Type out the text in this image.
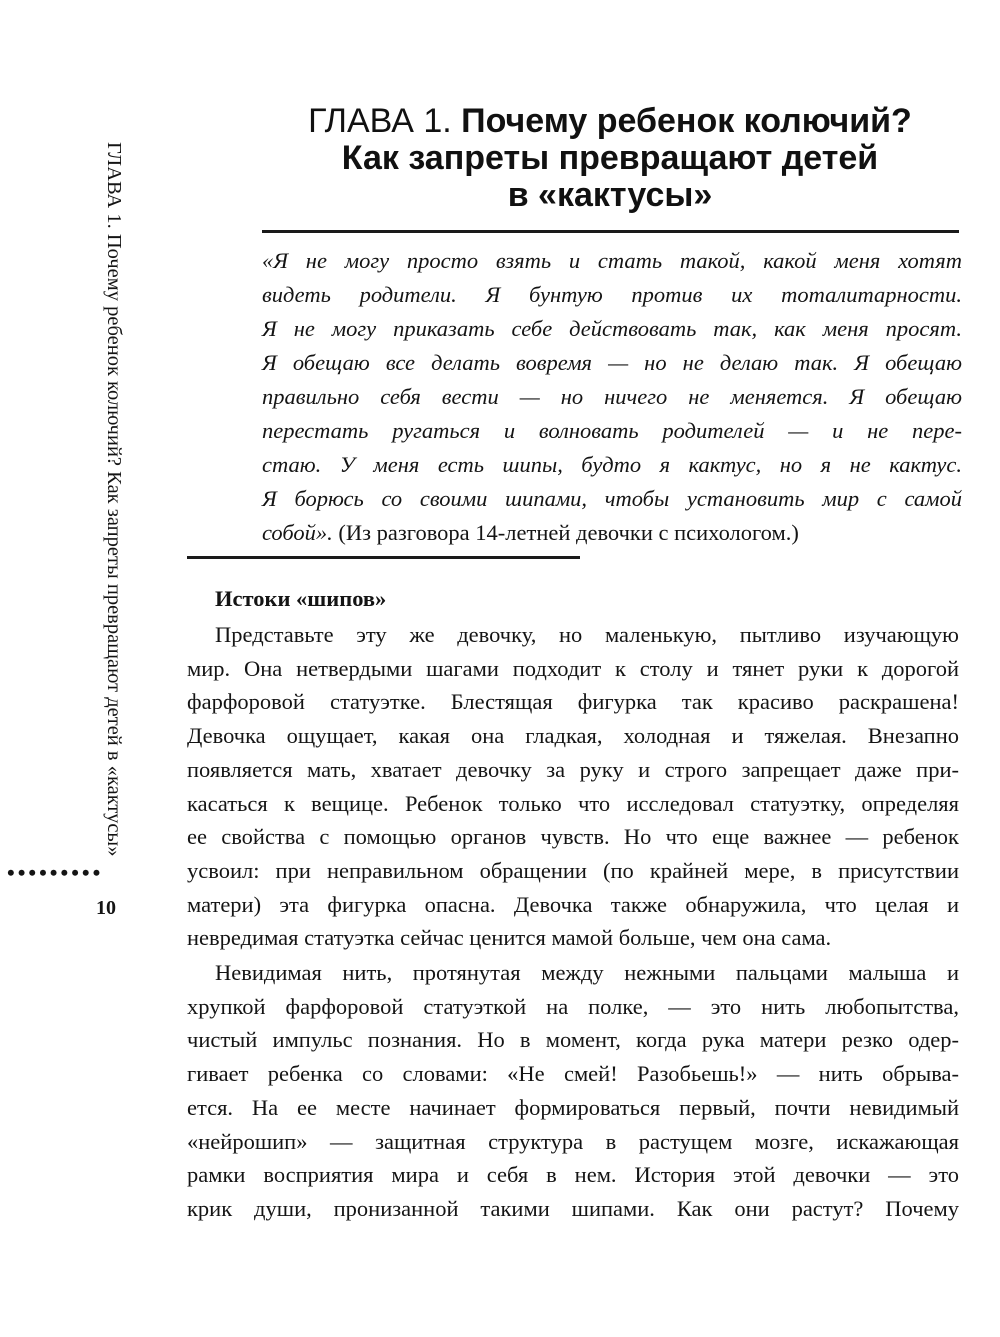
ГЛАВА 1. Почему ребенок колючий?
Как запреты превращают детей
в «кактусы»
«Я не могу просто взять и стать такой, какой меня хотят
видеть родители. Я бунтую против их тоталитарности.
Я не могу приказать себе действовать так, как меня просят.
Я обещаю все делать вовремя — но не делаю так. Я обещаю
правильно себя вести — но ничего не меняется. Я обещаю
перестать ругаться и волновать родителей — и не пере-
стаю. У меня есть шипы, будто я кактус, но я не кактус.
Я борюсь со своими шипами, чтобы установить мир с самой
собой». (Из разговора 14-летней девочки с психологом.)
Истоки «шипов»
Представьте эту же девочку, но маленькую, пытливо изучающую
мир. Она нетвердыми шагами подходит к столу и тянет руки к дорогой
фарфоровой статуэтке. Блестящая фигурка так красиво раскрашена!
Девочка ощущает, какая она гладкая, холодная и тяжелая. Внезапно
появляется мать, хватает девочку за руку и строго запрещает даже при-
касаться к вещице. Ребенок только что исследовал статуэтку, определяя
ее свойства с помощью органов чувств. Но что еще важнее — ребенок
усвоил: при неправильном обращении (по крайней мере, в присутствии
матери) эта фигурка опасна. Девочка также обнаружила, что целая и
невредимая статуэтка сейчас ценится мамой больше, чем она сама.
Невидимая нить, протянутая между нежными пальцами малыша и
хрупкой фарфоровой статуэткой на полке, — это нить любопытства,
чистый импульс познания. Но в момент, когда рука матери резко одер-
гивает ребенка со словами: «Не смей! Разобьешь!» — нить обрыва-
ется. На ее месте начинает формироваться первый, почти невидимый
«нейрошип» — защитная структура в растущем мозге, искажающая
рамки восприятия мира и себя в нем. История этой девочки — это
крик души, пронизанной такими шипами. Как они растут? Почему
ГЛАВА 1. Почему ребенок колючий? Как запреты превращают детей в «кактусы»
•••••••••
10
